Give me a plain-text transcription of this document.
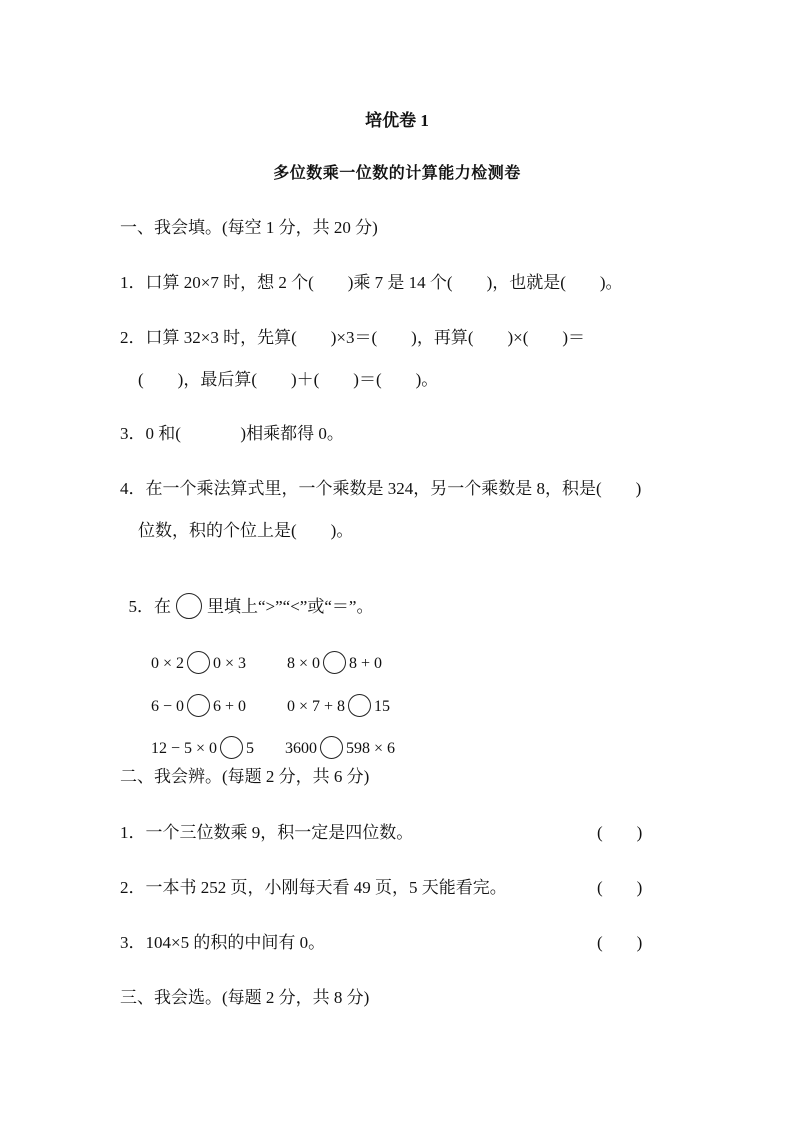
培优卷 1
多位数乘一位数的计算能力检测卷
一、我会填。(每空 1 分，共 20 分)
1．口算 20×7 时，想 2 个(        )乘 7 是 14 个(        )，也就是(        )。
2．口算 32×3 时，先算(        )×3＝(        )，再算(        )×(        )＝
(        )，最后算(        )＋(        )＝(        )。
3．0 和(              )相乘都得 0。
4．在一个乘法算式里，一个乘数是 324，另一个乘数是 8，积是(        )
位数，积的个位上是(        )。

5．在 里填上“>”“<”或“＝”。

0 × 2 0 × 3	8 × 0 8 + 0

6 − 0 6 + 0	0 × 7 + 8 15

12 − 5 × 0 5	3600 598 × 6

二、我会辨。(每题 2 分，共 6 分)
1．一个三位数乘 9，积一定是四位数。	(        )
2．一本书 252 页，小刚每天看 49 页，5 天能看完。	(        )
3．104×5 的积的中间有 0。	(        )
三、我会选。(每题 2 分，共 8 分)
